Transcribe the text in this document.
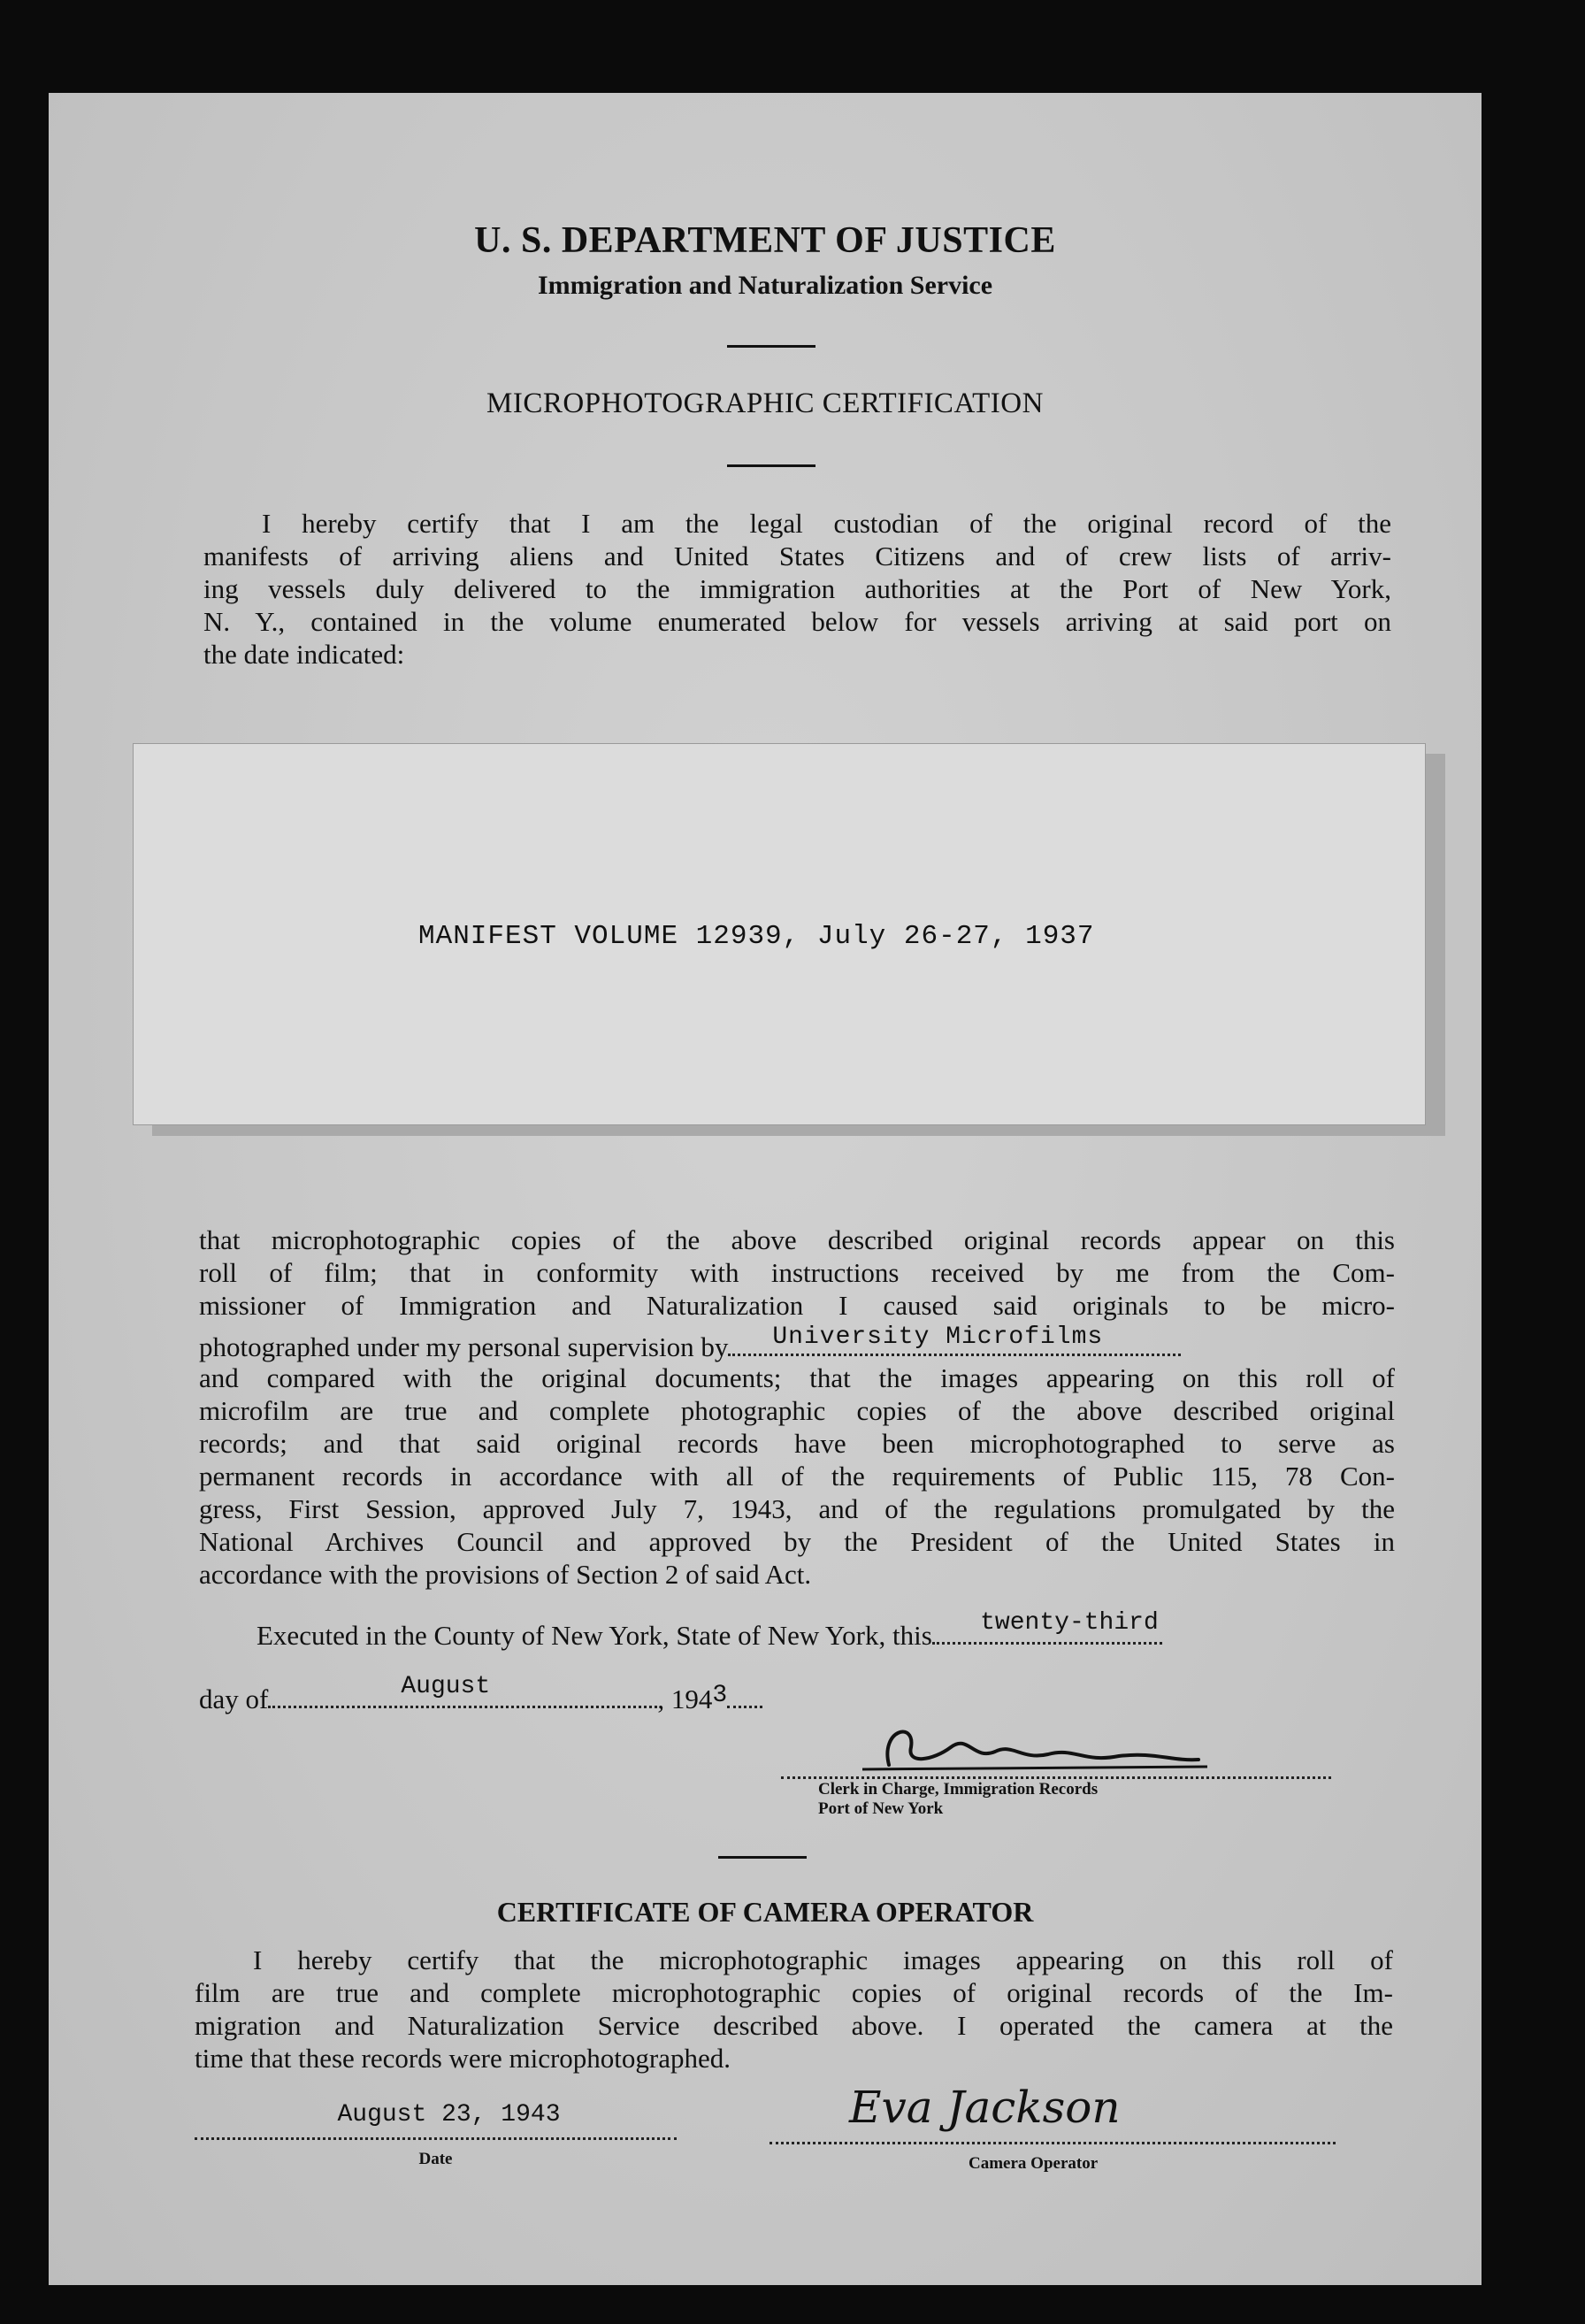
U. S. DEPARTMENT OF JUSTICE
Immigration and Naturalization Service
MICROPHOTOGRAPHIC CERTIFICATION
I hereby certify that I am the legal custodian of the original record of the
manifests of arriving aliens and United States Citizens and of crew lists of arriv-
ing vessels duly delivered to the immigration authorities at the Port of New York,
N. Y., contained in the volume enumerated below for vessels arriving at said port on
the date indicated:
MANIFEST VOLUME 12939, July 26-27, 1937
that microphotographic copies of the above described original records appear on this
roll of film; that in conformity with instructions received by me from the Com-
missioner of Immigration and Naturalization I caused said originals to be micro-
photographed under my personal supervision by University Microfilms
and compared with the original documents; that the images appearing on this roll of
microfilm are true and complete photographic copies of the above described original
records; and that said original records have been microphotographed to serve as
permanent records in accordance with all of the requirements of Public 115, 78 Con-
gress, First Session, approved July 7, 1943, and of the regulations promulgated by the
National Archives Council and approved by the President of the United States in
accordance with the provisions of Section 2 of said Act.
Executed in the County of New York, State of New York, this twenty-third
day of	August	, 1943
Clerk in Charge, Immigration Records
Port of New York
CERTIFICATE OF CAMERA OPERATOR
I hereby certify that the microphotographic images appearing on this roll of
film are true and complete microphotographic copies of original records of the Im-
migration and Naturalization Service described above. I operated the camera at the
time that these records were microphotographed.
August 23, 1943
Date
Eva Jackson
Camera Operator
